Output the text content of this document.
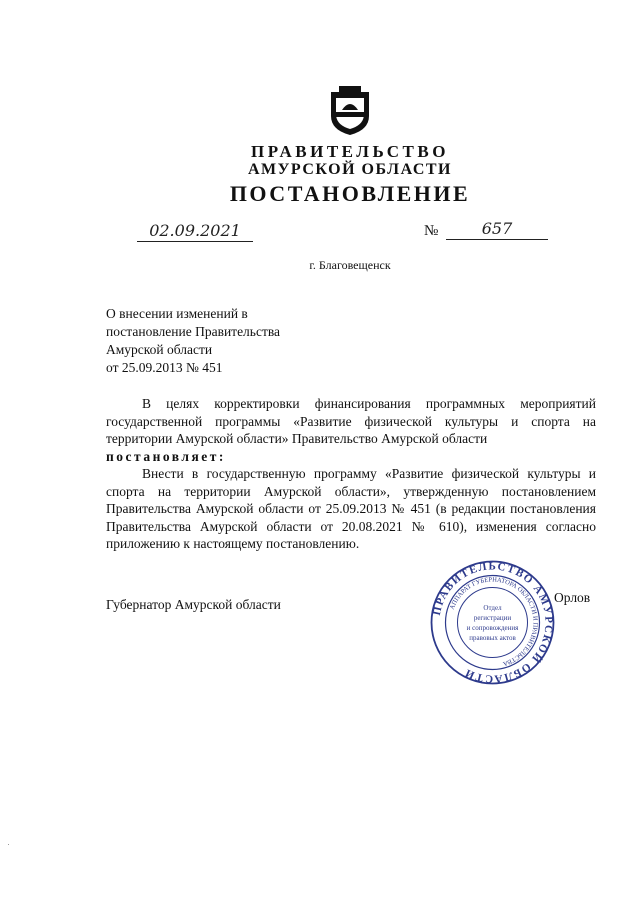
ПРАВИТЕЛЬСТВО
АМУРСКОЙ ОБЛАСТИ
ПОСТАНОВЛЕНИЕ
02.09.2021	№	657
г. Благовещенск
О внесении изменений в
постановление Правительства
Амурской области
от 25.09.2013 № 451

В целях корректировки финансирования программных мероприятий государственной программы «Развитие физической культуры и спорта на территории Амурской области» Правительство Амурской области

постановляет:

Внести в государственную программу «Развитие физической культуры и спорта на территории Амурской области», утвержденную постановлением Правительства Амурской области от 25.09.2013 № 451 (в редакции постановления Правительства Амурской области от 20.08.2021 № 610), изменения согласно приложению к настоящему постановлению.

Губернатор Амурской области	Орлов
ПРАВИТЕЛЬСТВО АМУРСКОЙ ОБЛАСТИ
АППАРАТ ГУБЕРНАТОРА ОБЛАСТИ И ПРАВИТЕЛЬСТВА
Отдел
регистрации
и сопровождения
правовых актов
